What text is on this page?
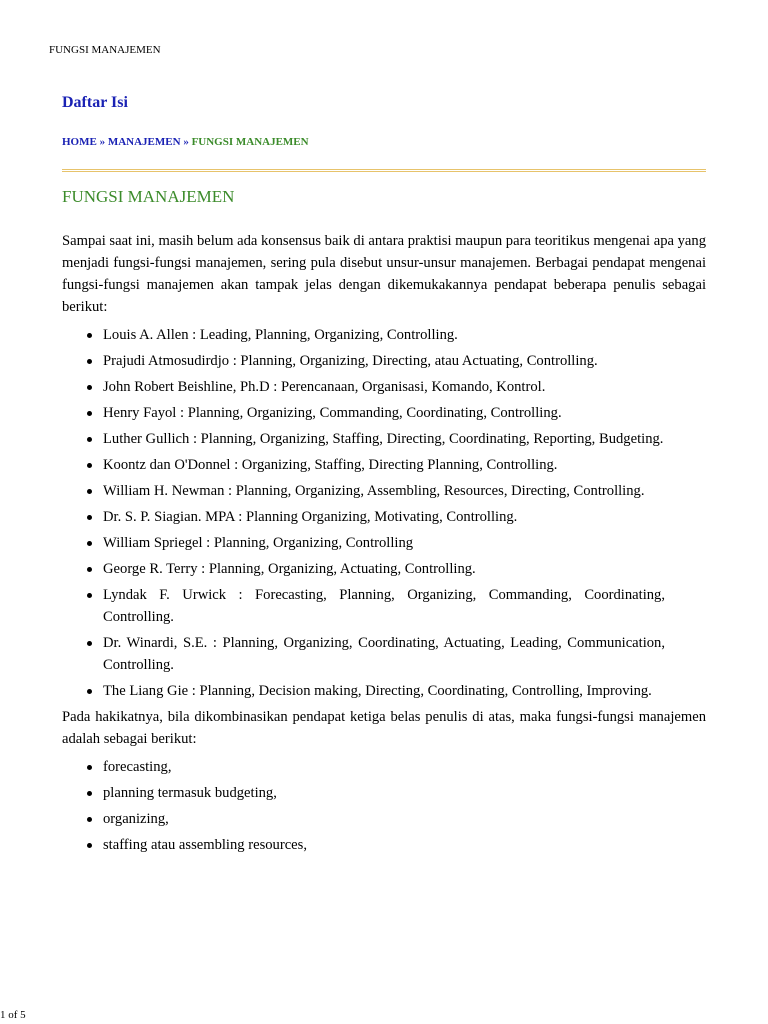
FUNGSI MANAJEMEN
Daftar Isi
HOME » MANAJEMEN » FUNGSI MANAJEMEN
FUNGSI MANAJEMEN
Sampai saat ini, masih belum ada konsensus baik di antara praktisi maupun para teoritikus mengenai apa yang menjadi fungsi-fungsi manajemen, sering pula disebut unsur-unsur manajemen. Berbagai pendapat mengenai fungsi-fungsi manajemen akan tampak jelas dengan dikemukakannya pendapat beberapa penulis sebagai berikut:
Louis A. Allen : Leading, Planning, Organizing, Controlling.
Prajudi Atmosudirdjo : Planning, Organizing, Directing, atau Actuating, Controlling.
John Robert Beishline, Ph.D : Perencanaan, Organisasi, Komando, Kontrol.
Henry Fayol : Planning, Organizing, Commanding, Coordinating, Controlling.
Luther Gullich : Planning, Organizing, Staffing, Directing, Coordinating, Reporting, Budgeting.
Koontz dan O'Donnel : Organizing, Staffing, Directing Planning, Controlling.
William H. Newman : Planning, Organizing, Assembling, Resources, Directing, Controlling.
Dr. S. P. Siagian. MPA : Planning Organizing, Motivating, Controlling.
William Spriegel : Planning, Organizing, Controlling
George R. Terry : Planning, Organizing, Actuating, Controlling.
Lyndak F. Urwick : Forecasting, Planning, Organizing, Commanding, Coordinating, Controlling.
Dr. Winardi, S.E. : Planning, Organizing, Coordinating, Actuating, Leading, Communication, Controlling.
The Liang Gie : Planning, Decision making, Directing, Coordinating, Controlling, Improving.
Pada hakikatnya, bila dikombinasikan pendapat ketiga belas penulis di atas, maka fungsi-fungsi manajemen adalah sebagai berikut:
forecasting,
planning termasuk budgeting,
organizing,
staffing atau assembling resources,
1 of 5
